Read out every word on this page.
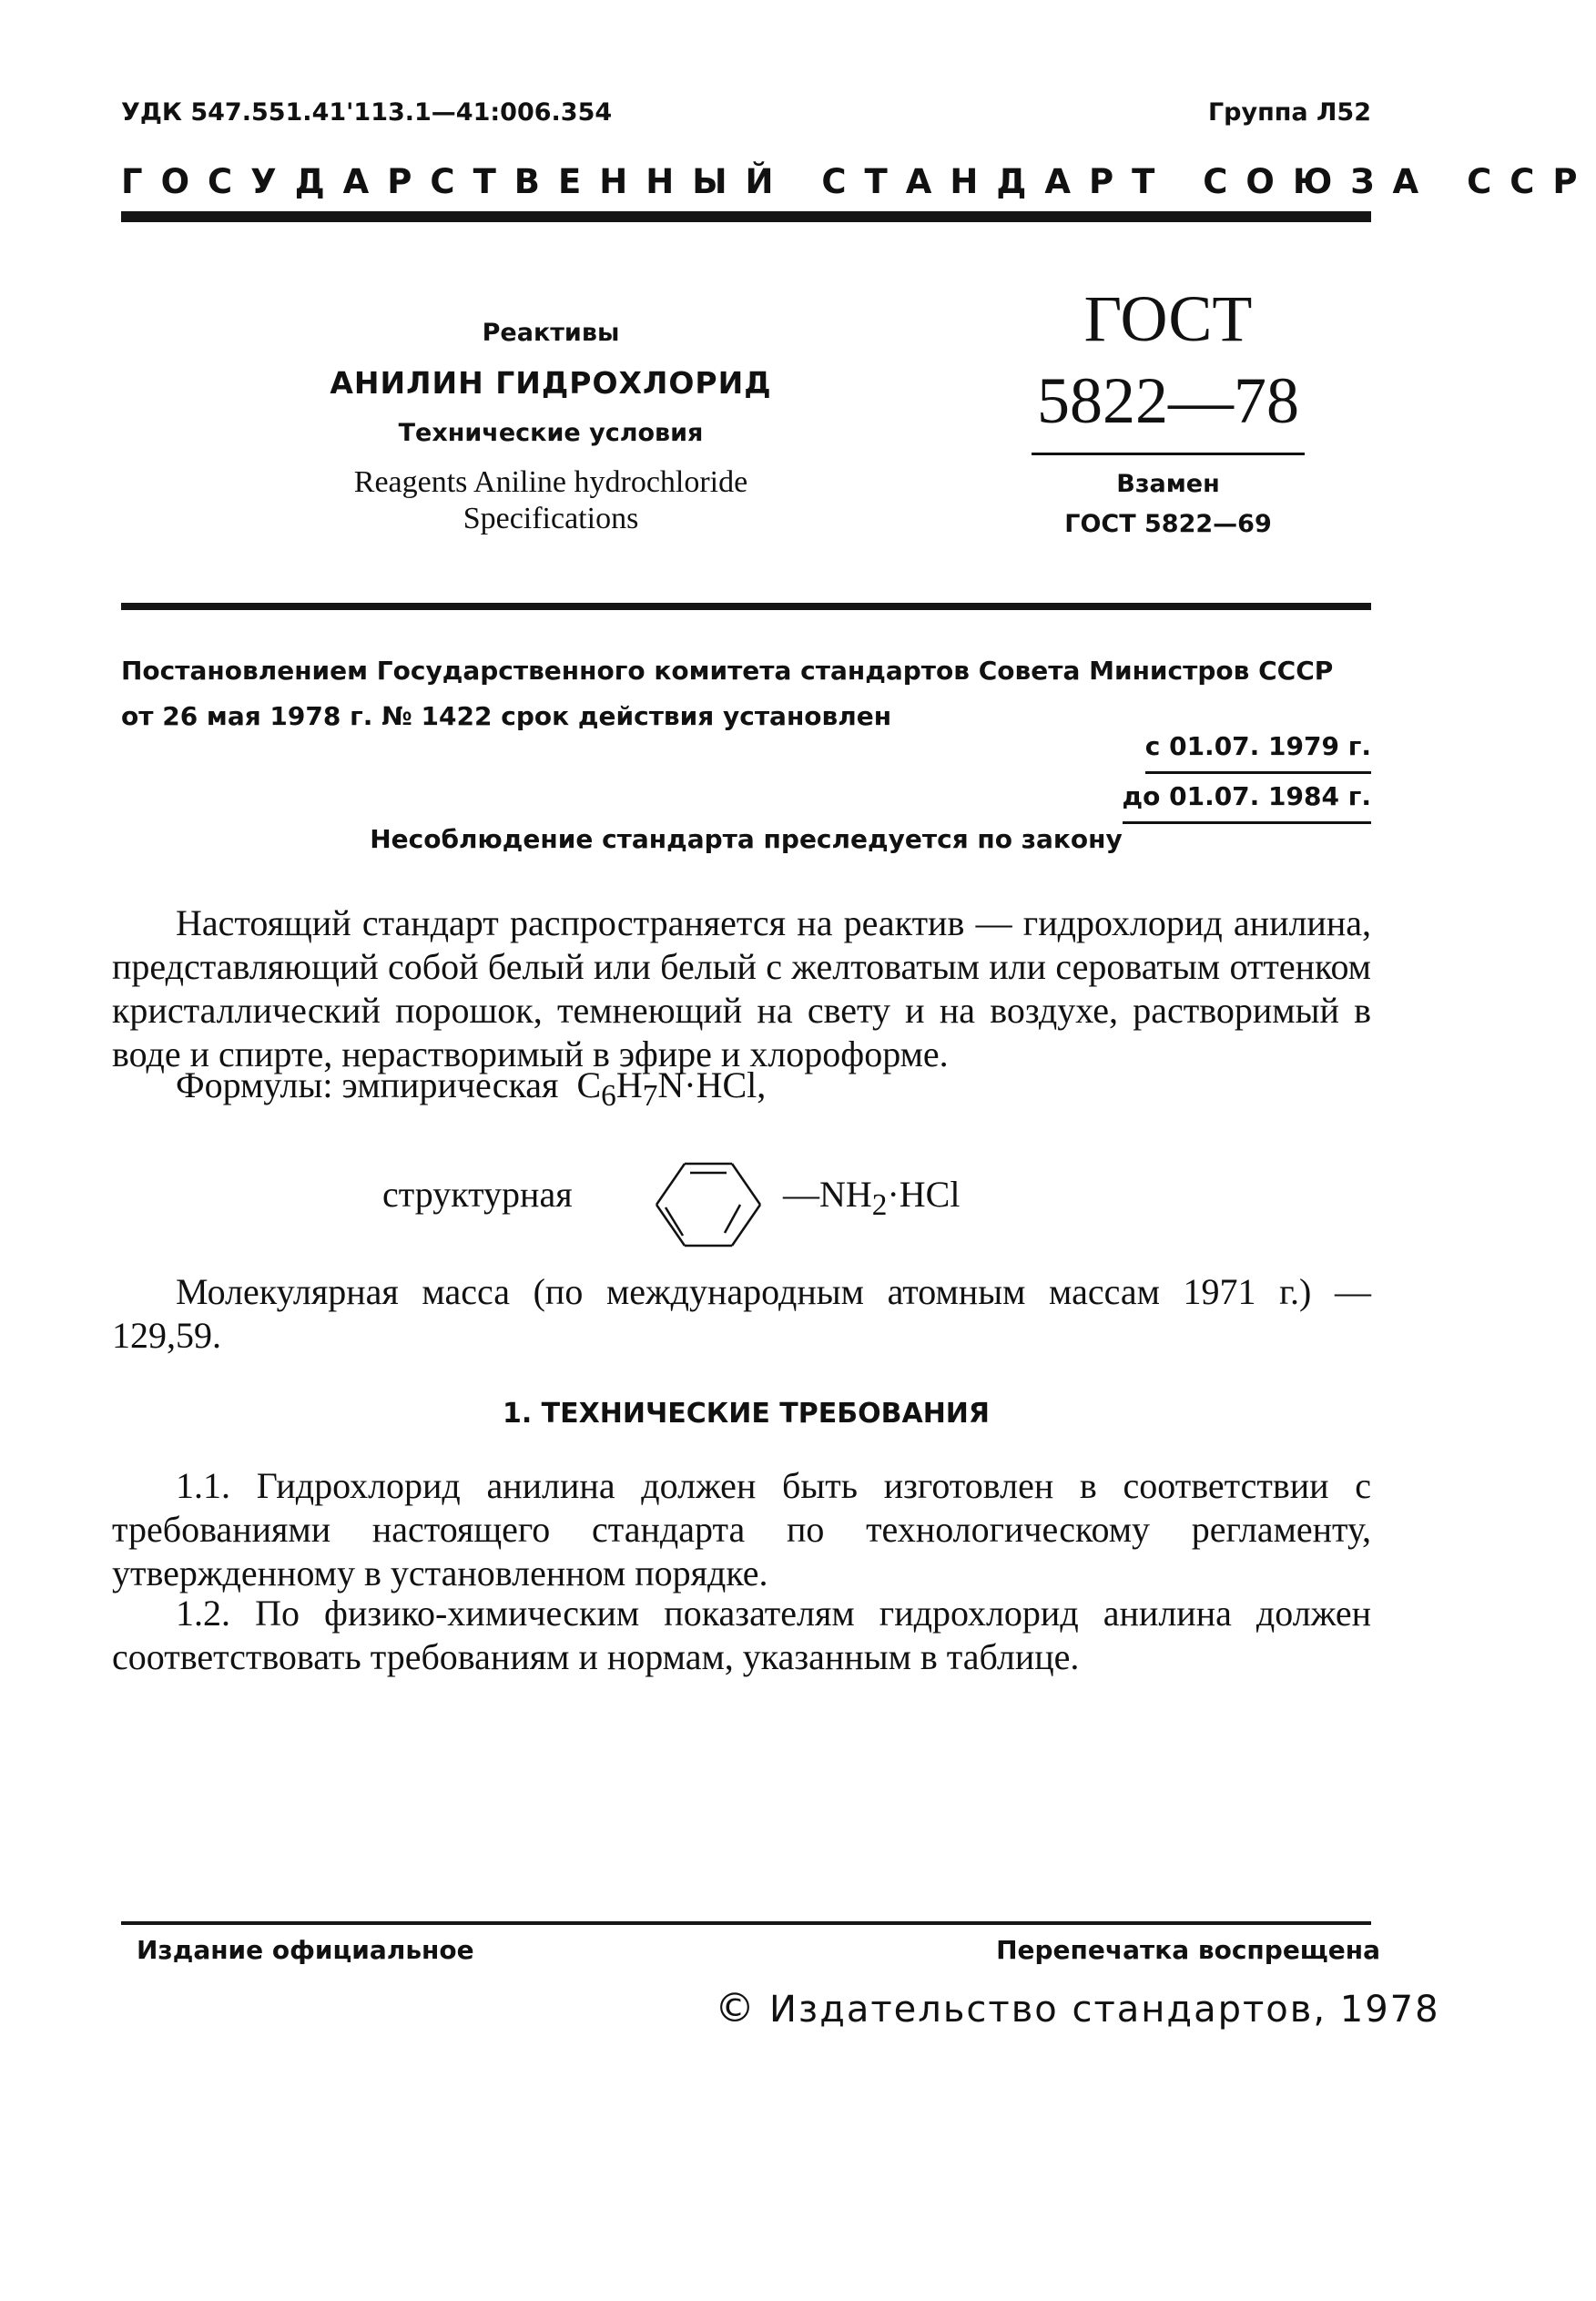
УДК 547.551.41'113.1—41:006.354	Группа Л52
ГОСУДАРСТВЕННЫЙ СТАНДАРТ СОЮЗА ССР
Реактивы
АНИЛИН ГИДРОХЛОРИД
Технические условия
Reagents Aniline hydrochloride
Specifications
ГОСТ
5822—78
Взамен
ГОСТ 5822—69
Постановлением Государственного комитета стандартов Совета Министров СССР
от 26 мая 1978 г. № 1422 срок действия установлен
с 01.07. 1979 г.
до 01.07. 1984 г.
Несоблюдение стандарта преследуется по закону
Настоящий стандарт распространяется на реактив — гидрохлорид анилина, представляющий собой белый или белый с желтоватым или сероватым оттенком кристаллический порошок, темнеющий на свету и на воздухе, растворимый в воде и спирте, нерастворимый в эфире и хлороформе.
Формулы: эмпирическая $C_6H_7N\cdot HCl$,
структурная	$—NH_2\cdot HCl$
Молекулярная масса (по международным атомным массам 1971 г.) — 129,59.
1. ТЕХНИЧЕСКИЕ ТРЕБОВАНИЯ
1.1. Гидрохлорид анилина должен быть изготовлен в соответствии с требованиями настоящего стандарта по технологическому регламенту, утвержденному в установленном порядке.
1.2. По физико-химическим показателям гидрохлорид анилина должен соответствовать требованиям и нормам, указанным в таблице.
Издание официальное	Перепечатка воспрещена
© Издательство стандартов, 1978
